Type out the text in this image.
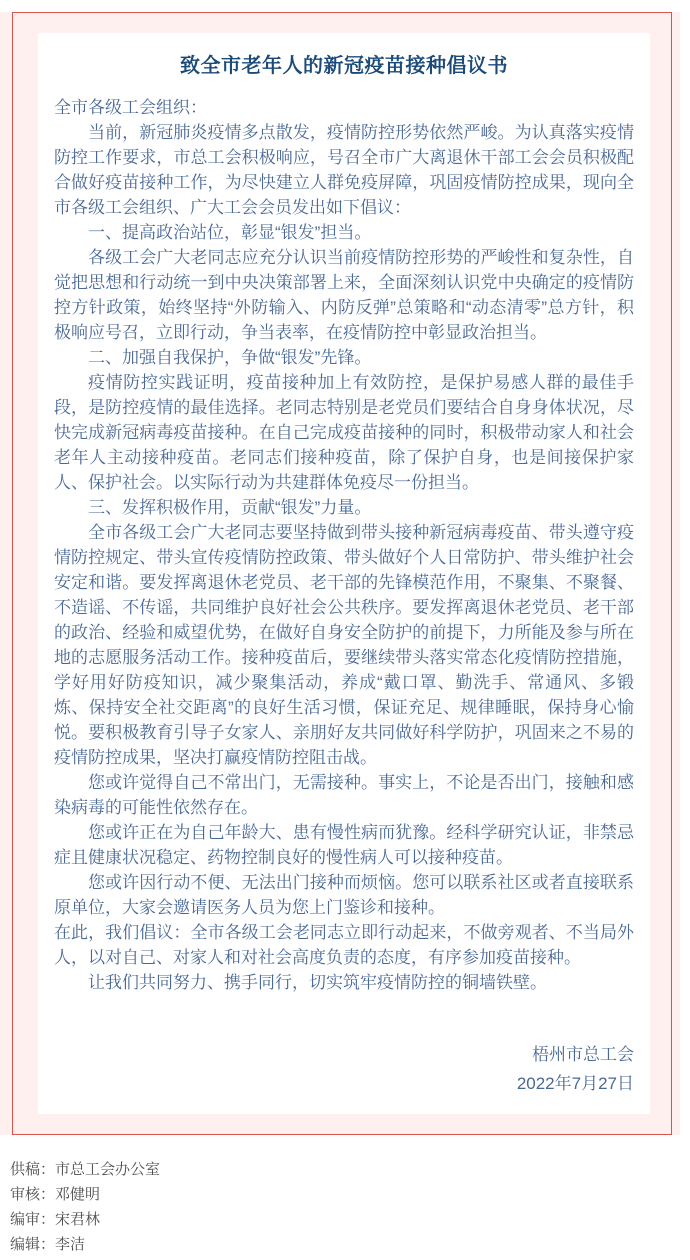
致全市老年人的新冠疫苗接种倡议书

全市各级工会组织：

当前，新冠肺炎疫情多点散发，疫情防控形势依然严峻。为认真落实疫情防控工作要求，市总工会积极响应，号召全市广大离退休干部工会会员积极配合做好疫苗接种工作，为尽快建立人群免疫屏障，巩固疫情防控成果，现向全市各级工会组织、广大工会会员发出如下倡议：

一、提高政治站位，彰显“银发”担当。

各级工会广大老同志应充分认识当前疫情防控形势的严峻性和复杂性，自觉把思想和行动统一到中央决策部署上来，全面深刻认识党中央确定的疫情防控方针政策，始终坚持“外防输入、内防反弹”总策略和“动态清零”总方针，积极响应号召，立即行动，争当表率，在疫情防控中彰显政治担当。

二、加强自我保护，争做“银发”先锋。

疫情防控实践证明，疫苗接种加上有效防控，是保护易感人群的最佳手段，是防控疫情的最佳选择。老同志特别是老党员们要结合自身身体状况，尽快完成新冠病毒疫苗接种。在自己完成疫苗接种的同时，积极带动家人和社会老年人主动接种疫苗。老同志们接种疫苗，除了保护自身，也是间接保护家人、保护社会。以实际行动为共建群体免疫尽一份担当。

三、发挥积极作用，贡献“银发”力量。

全市各级工会广大老同志要坚持做到带头接种新冠病毒疫苗、带头遵守疫情防控规定、带头宣传疫情防控政策、带头做好个人日常防护、带头维护社会安定和谐。要发挥离退休老党员、老干部的先锋模范作用，不聚集、不聚餐、不造谣、不传谣，共同维护良好社会公共秩序。要发挥离退休老党员、老干部的政治、经验和威望优势，在做好自身安全防护的前提下，力所能及参与所在地的志愿服务活动工作。接种疫苗后，要继续带头落实常态化疫情防控措施，学好用好防疫知识，减少聚集活动，养成“戴口罩、勤洗手、常通风、多锻炼、保持安全社交距离”的良好生活习惯，保证充足、规律睡眠，保持身心愉悦。要积极教育引导子女家人、亲朋好友共同做好科学防护，巩固来之不易的疫情防控成果，坚决打赢疫情防控阻击战。

您或许觉得自己不常出门，无需接种。事实上，不论是否出门，接触和感染病毒的可能性依然存在。

您或许正在为自己年龄大、患有慢性病而犹豫。经科学研究认证，非禁忌症且健康状况稳定、药物控制良好的慢性病人可以接种疫苗。

您或许因行动不便、无法出门接种而烦恼。您可以联系社区或者直接联系原单位，大家会邀请医务人员为您上门鉴诊和接种。

在此，我们倡议：全市各级工会老同志立即行动起来，不做旁观者、不当局外人，以对自己、对家人和对社会高度负责的态度，有序参加疫苗接种。

让我们共同努力、携手同行，切实筑牢疫情防控的铜墙铁壁。

梧州市总工会

2022年7月27日

供稿：市总工会办公室

审核：邓健明

编审：宋君林

编辑：李洁
